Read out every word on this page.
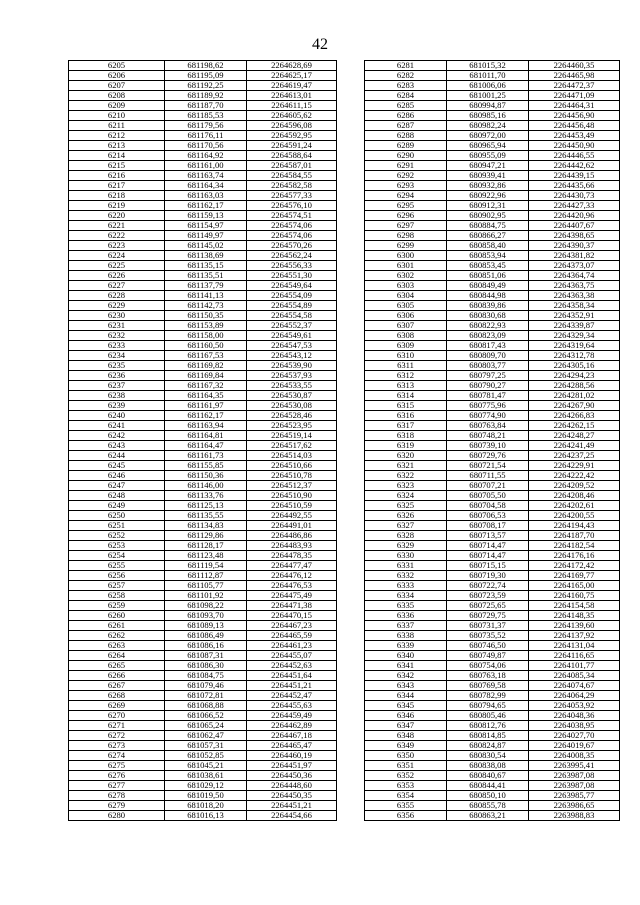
42
6205	681198,62	2264628,69
6206	681195,09	2264625,17
6207	681192,25	2264619,47
6208	681189,92	2264613,01
6209	681187,70	2264611,15
6210	681185,53	2264605,62
6211	681179,56	2264596,08
6212	681176,11	2264592,95
6213	681170,56	2264591,24
6214	681164,92	2264588,64
6215	681161,00	2264587,01
6216	681163,74	2264584,55
6217	681164,34	2264582,58
6218	681163,03	2264577,33
6219	681162,17	2264576,10
6220	681159,13	2264574,51
6221	681154,97	2264574,06
6222	681149,97	2264574,06
6223	681145,02	2264570,26
6224	681138,69	2264562,24
6225	681135,15	2264556,33
6226	681135,51	2264551,30
6227	681137,79	2264549,64
6228	681141,13	2264554,09
6229	681142,73	2264554,89
6230	681150,35	2264554,58
6231	681153,89	2264552,37
6232	681158,00	2264549,61
6233	681160,50	2264547,53
6234	681167,53	2264543,12
6235	681169,82	2264539,90
6236	681169,84	2264537,93
6237	681167,32	2264533,55
6238	681164,35	2264530,87
6239	681161,97	2264530,08
6240	681162,17	2264528,46
6241	681163,94	2264523,95
6242	681164,81	2264519,14
6243	681164,47	2264517,62
6244	681161,73	2264514,03
6245	681155,85	2264510,66
6246	681150,36	2264510,78
6247	681146,00	2264512,37
6248	681133,76	2264510,90
6249	681125,13	2264510,59
6250	681135,55	2264492,55
6251	681134,83	2264491,01
6252	681129,86	2264486,86
6253	681128,17	2264483,93
6254	681123,48	2264478,35
6255	681119,54	2264477,47
6256	681112,87	2264476,12
6257	681105,77	2264476,53
6258	681101,92	2264475,49
6259	681098,22	2264471,38
6260	681093,70	2264470,15
6261	681089,13	2264467,23
6262	681086,49	2264465,59
6263	681086,16	2264461,23
6264	681087,31	2264455,07
6265	681086,30	2264452,63
6266	681084,75	2264451,64
6267	681079,46	2264451,21
6268	681072,81	2264452,47
6269	681068,88	2264455,63
6270	681066,52	2264459,49
6271	681065,24	2264462,89
6272	681062,47	2264467,18
6273	681057,31	2264465,47
6274	681052,85	2264460,19
6275	681045,21	2264451,97
6276	681038,61	2264450,36
6277	681029,12	2264448,60
6278	681019,50	2264450,35
6279	681018,20	2264451,21
6280	681016,13	2264454,66
6281	681015,32	2264460,35
6282	681011,70	2264465,98
6283	681006,06	2264472,37
6284	681001,25	2264471,09
6285	680994,87	2264464,31
6286	680985,16	2264456,90
6287	680982,24	2264456,48
6288	680972,00	2264453,49
6289	680965,94	2264450,90
6290	680955,09	2264446,55
6291	680947,21	2264442,62
6292	680939,41	2264439,15
6293	680932,86	2264435,66
6294	680922,96	2264430,73
6295	680912,31	2264427,33
6296	680902,95	2264420,96
6297	680884,75	2264407,67
6298	680866,27	2264398,65
6299	680858,40	2264390,37
6300	680853,94	2264381,82
6301	680853,45	2264373,07
6302	680851,06	2264364,74
6303	680849,49	2264363,75
6304	680844,98	2264363,38
6305	680839,86	2264358,34
6306	680830,68	2264352,91
6307	680822,93	2264339,87
6308	680823,09	2264329,34
6309	680817,43	2264319,64
6310	680809,70	2264312,78
6311	680803,77	2264305,16
6312	680797,25	2264294,23
6313	680790,27	2264288,56
6314	680781,47	2264281,02
6315	680775,96	2264267,90
6316	680774,90	2264266,83
6317	680763,84	2264262,15
6318	680748,21	2264248,27
6319	680739,10	2264241,49
6320	680729,76	2264237,25
6321	680721,54	2264229,91
6322	680711,55	2264222,42
6323	680707,21	2264209,52
6324	680705,50	2264208,46
6325	680704,58	2264202,61
6326	680706,53	2264200,55
6327	680708,17	2264194,43
6328	680713,57	2264187,70
6329	680714,47	2264182,54
6330	680714,47	2264176,16
6331	680715,15	2264172,42
6332	680719,30	2264169,77
6333	680722,74	2264165,00
6334	680723,59	2264160,75
6335	680725,65	2264154,58
6336	680729,75	2264148,35
6337	680731,37	2264139,60
6338	680735,52	2264137,92
6339	680746,50	2264131,04
6340	680749,87	2264116,65
6341	680754,06	2264101,77
6342	680763,18	2264085,34
6343	680769,58	2264074,67
6344	680782,99	2264064,29
6345	680794,65	2264053,92
6346	680805,46	2264048,36
6347	680812,76	2264038,95
6348	680814,85	2264027,70
6349	680824,87	2264019,67
6350	680830,54	2264008,35
6351	680838,08	2263995,41
6352	680840,67	2263987,08
6353	680844,41	2263987,08
6354	680850,10	2263985,77
6355	680855,78	2263986,65
6356	680863,21	2263988,83
